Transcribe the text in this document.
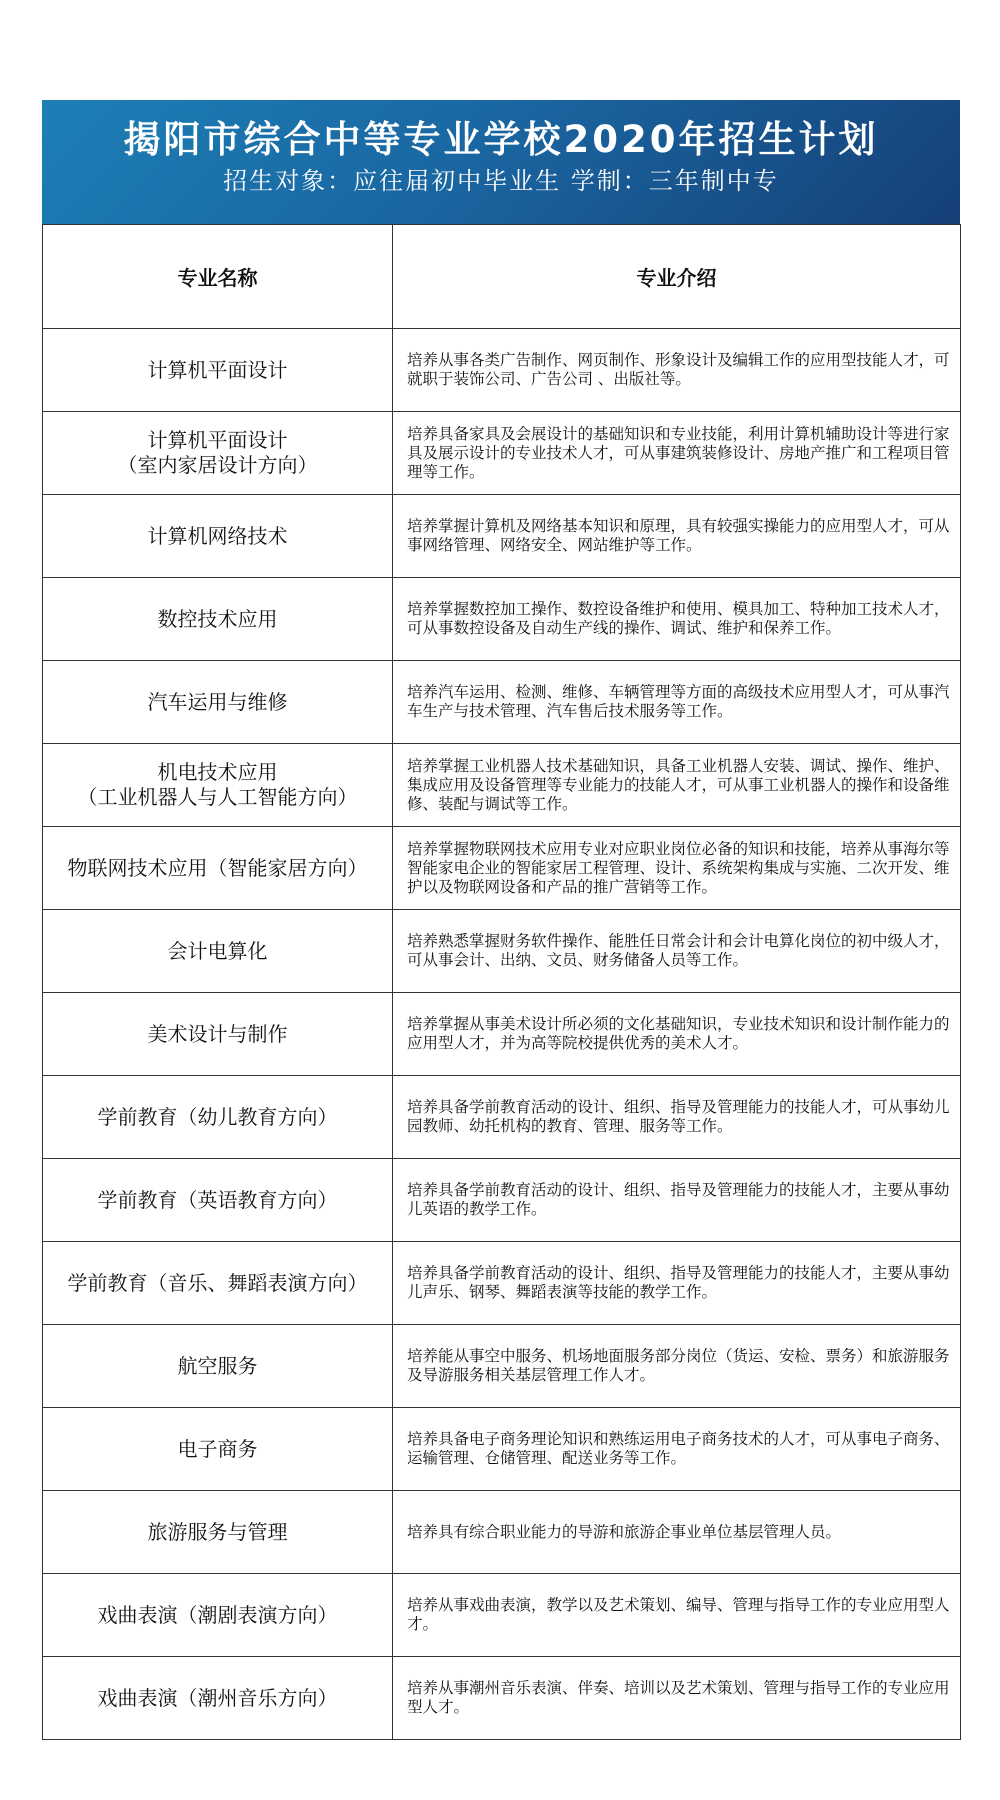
揭阳市综合中等专业学校2020年招生计划
招生对象：应往届初中毕业生 学制：三年制中专
专业名称	专业介绍

计算机平面设计	培养从事各类广告制作、网页制作、形象设计及编辑工作的应用型技能人才，可就职于装饰公司、广告公司 、出版社等。

计算机平面设计
（室内家居设计方向）	培养具备家具及会展设计的基础知识和专业技能，利用计算机辅助设计等进行家具及展示设计的专业技术人才，可从事建筑装修设计、房地产推广和工程项目管理等工作。

计算机网络技术	培养掌握计算机及网络基本知识和原理，具有较强实操能力的应用型人才，可从事网络管理、网络安全、网站维护等工作。

数控技术应用	培养掌握数控加工操作、数控设备维护和使用、模具加工、特种加工技术人才，可从事数控设备及自动生产线的操作、调试、维护和保养工作。

汽车运用与维修	培养汽车运用、检测、维修、车辆管理等方面的高级技术应用型人才，可从事汽车生产与技术管理、汽车售后技术服务等工作。

机电技术应用
（工业机器人与人工智能方向）	培养掌握工业机器人技术基础知识，具备工业机器人安装、调试、操作、维护、集成应用及设备管理等专业能力的技能人才，可从事工业机器人的操作和设备维修、装配与调试等工作。

物联网技术应用（智能家居方向）	培养掌握物联网技术应用专业对应职业岗位必备的知识和技能，培养从事海尔等智能家电企业的智能家居工程管理、设计、系统架构集成与实施、二次开发、维护以及物联网设备和产品的推广营销等工作。

会计电算化	培养熟悉掌握财务软件操作、能胜任日常会计和会计电算化岗位的初中级人才，可从事会计、出纳、文员、财务储备人员等工作。

美术设计与制作	培养掌握从事美术设计所必须的文化基础知识，专业技术知识和设计制作能力的应用型人才，并为高等院校提供优秀的美术人才。

学前教育（幼儿教育方向）	培养具备学前教育活动的设计、组织、指导及管理能力的技能人才，可从事幼儿园教师、幼托机构的教育、管理、服务等工作。

学前教育（英语教育方向）	培养具备学前教育活动的设计、组织、指导及管理能力的技能人才，主要从事幼儿英语的教学工作。

学前教育（音乐、舞蹈表演方向）	培养具备学前教育活动的设计、组织、指导及管理能力的技能人才，主要从事幼儿声乐、钢琴、舞蹈表演等技能的教学工作。

航空服务	培养能从事空中服务、机场地面服务部分岗位（货运、安检、票务）和旅游服务及导游服务相关基层管理工作人才。

电子商务	培养具备电子商务理论知识和熟练运用电子商务技术的人才，可从事电子商务、运输管理、仓储管理、配送业务等工作。

旅游服务与管理	培养具有综合职业能力的导游和旅游企事业单位基层管理人员。

戏曲表演（潮剧表演方向）	培养从事戏曲表演，教学以及艺术策划、编导、管理与指导工作的专业应用型人才。

戏曲表演（潮州音乐方向）	培养从事潮州音乐表演、伴奏、培训以及艺术策划、管理与指导工作的专业应用型人才。
